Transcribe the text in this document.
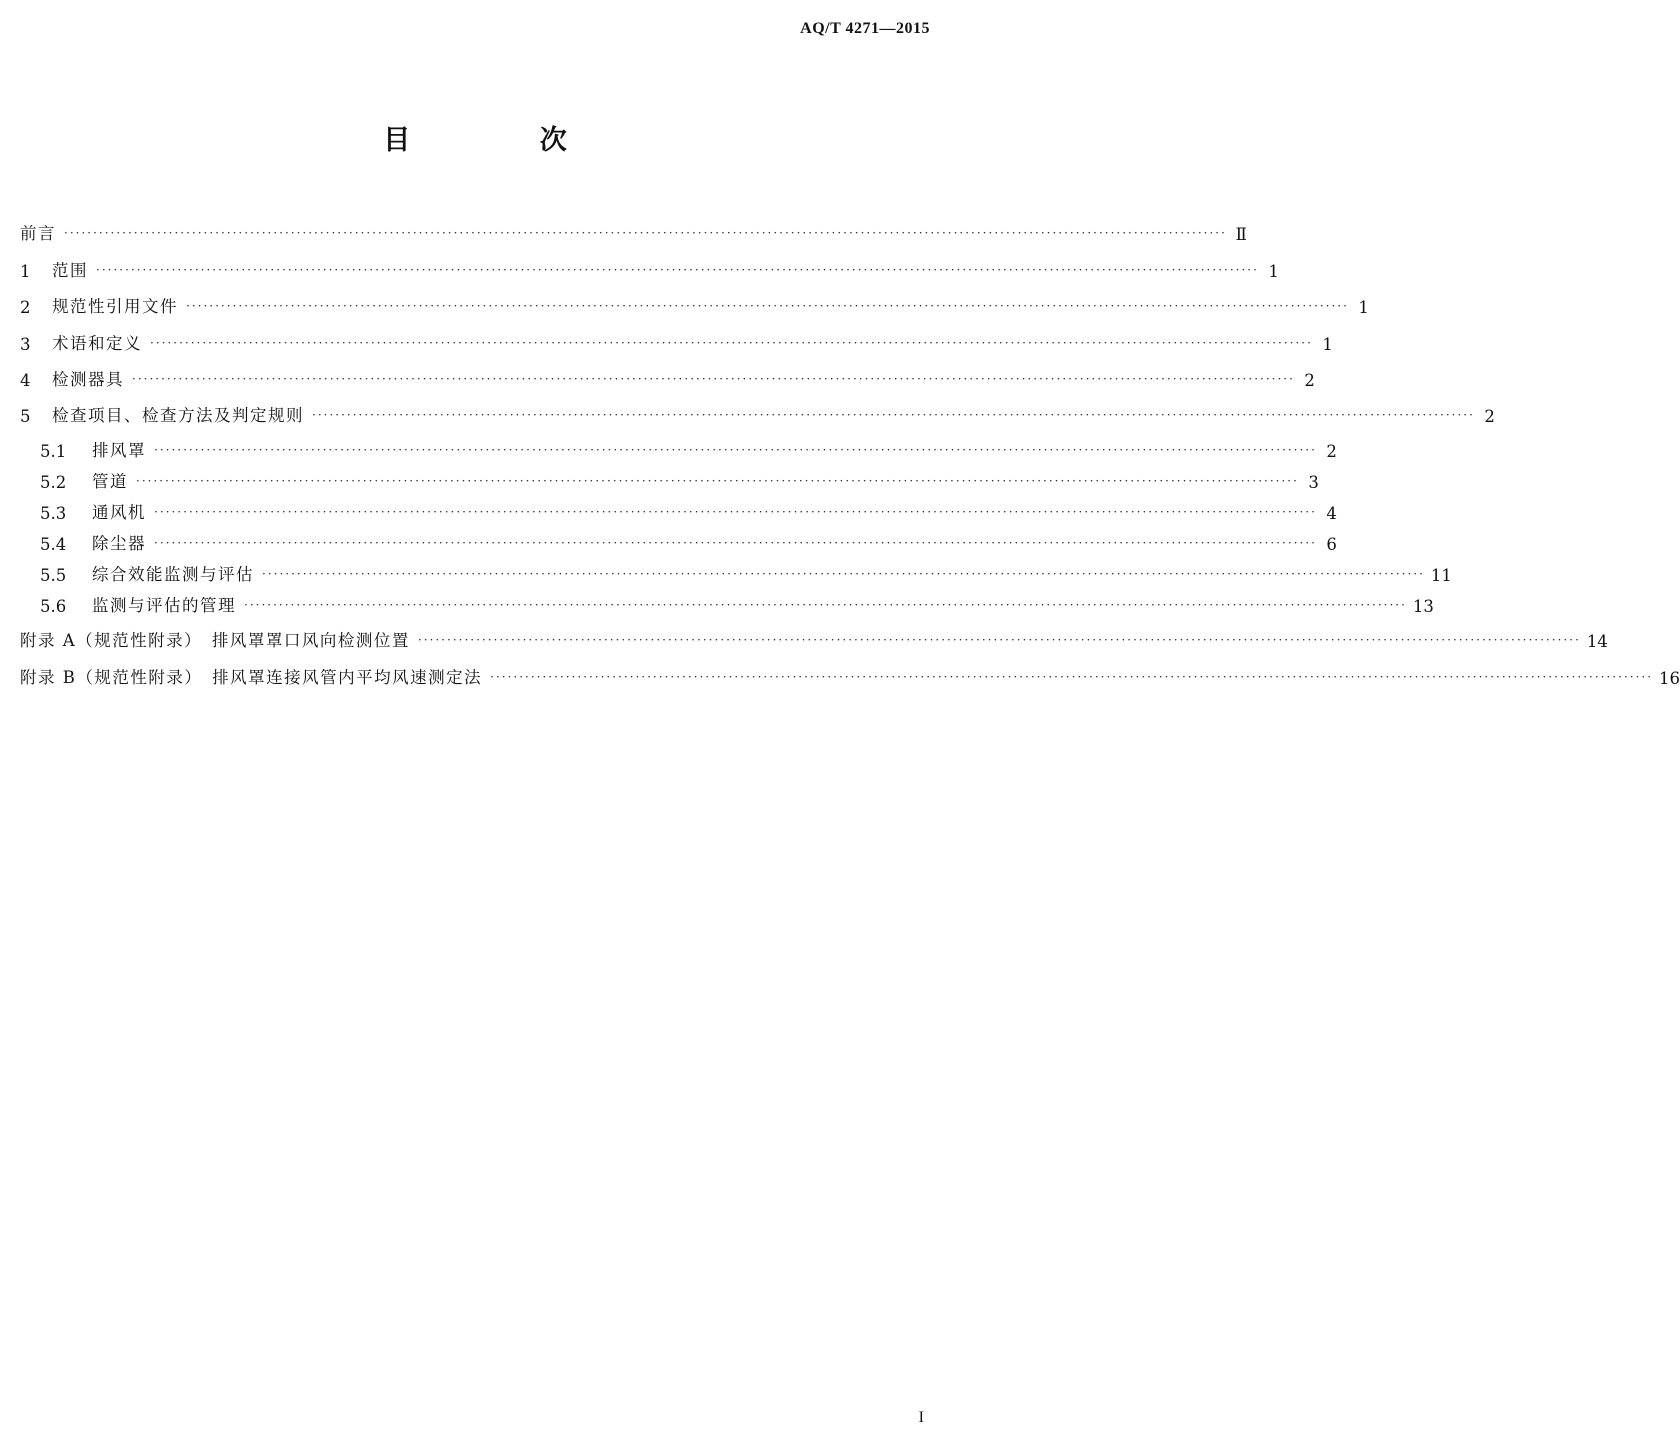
AQ/T 4271—2015
目 次
前言 ········································································································································································································ Ⅱ
1	范围 ········································································································································································································ 1
2	规范性引用文件 ········································································································································································································ 1
3	术语和定义 ········································································································································································································ 1
4	检测器具 ········································································································································································································ 2
5	检查项目、检查方法及判定规则 ········································································································································································································ 2
5.1	排风罩 ········································································································································································································ 2
5.2	管道 ········································································································································································································ 3
5.3	通风机 ········································································································································································································ 4
5.4	除尘器 ········································································································································································································ 6
5.5	综合效能监测与评估 ········································································································································································································ 11
5.6	监测与评估的管理 ········································································································································································································ 13
附录 A（规范性附录）　排风罩罩口风向检测位置 ········································································································································································································ 14
附录 B（规范性附录）　排风罩连接风管内平均风速测定法 ········································································································································································································ 16
I
